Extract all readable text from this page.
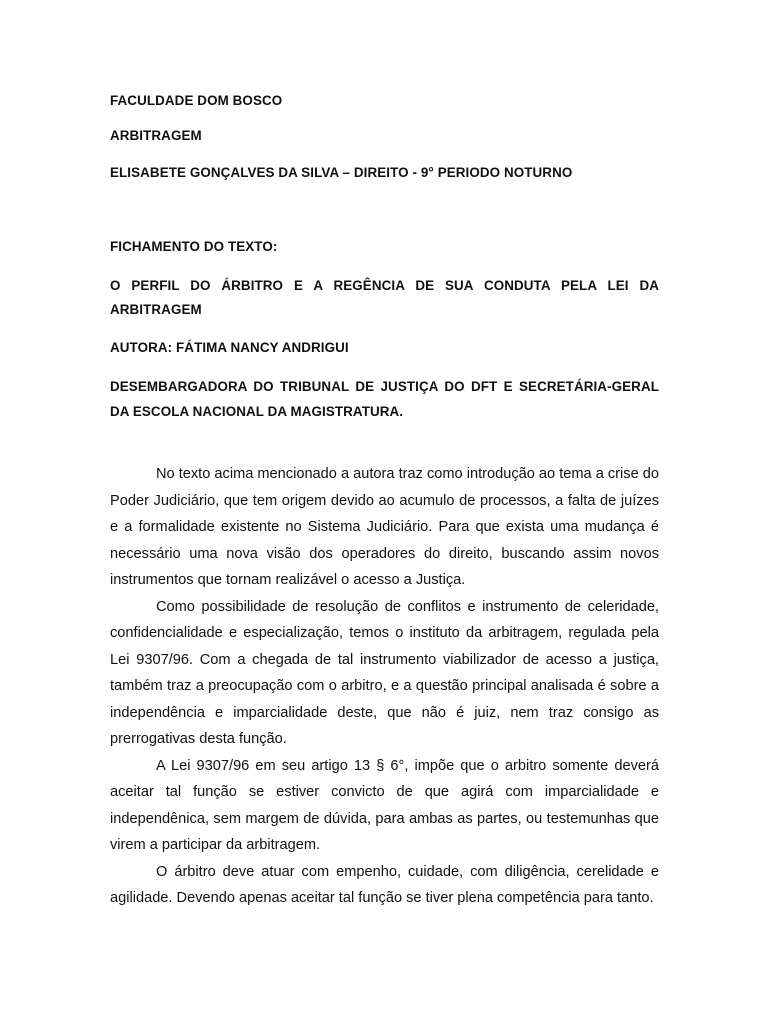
FACULDADE DOM BOSCO

ARBITRAGEM

ELISABETE GONÇALVES DA SILVA – DIREITO - 9° PERIODO NOTURNO

FICHAMENTO DO TEXTO:

O PERFIL DO ÁRBITRO E A REGÊNCIA DE SUA CONDUTA PELA LEI DA ARBITRAGEM

AUTORA: FÁTIMA NANCY ANDRIGUI

DESEMBARGADORA DO TRIBUNAL DE JUSTIÇA DO DFT E SECRETÁRIA-GERAL DA ESCOLA NACIONAL DA MAGISTRATURA.

No texto acima mencionado a autora traz como introdução ao tema a crise do Poder Judiciário, que tem origem devido ao acumulo de processos, a falta de juízes e a formalidade existente no Sistema Judiciário. Para que exista uma mudança é necessário uma nova visão dos operadores do direito, buscando assim novos instrumentos que tornam realizável o acesso a Justiça.

Como possibilidade de resolução de conflitos e instrumento de celeridade, confidencialidade e especialização, temos o instituto da arbitragem, regulada pela Lei 9307/96. Com a chegada de tal instrumento viabilizador de acesso a justiça, também traz a preocupação com o arbitro, e a questão principal analisada é sobre a independência e imparcialidade deste, que não é juiz, nem traz consigo as prerrogativas desta função.

A Lei 9307/96 em seu artigo 13 § 6°, impõe que o arbitro somente deverá aceitar tal função se estiver convicto de que agirá com imparcialidade e independênica, sem margem de dúvida, para ambas as partes, ou testemunhas que virem a participar da arbitragem.

O árbitro deve atuar com empenho, cuidade, com diligência, cerelidade e agilidade. Devendo apenas aceitar tal função se tiver plena competência para tanto.
